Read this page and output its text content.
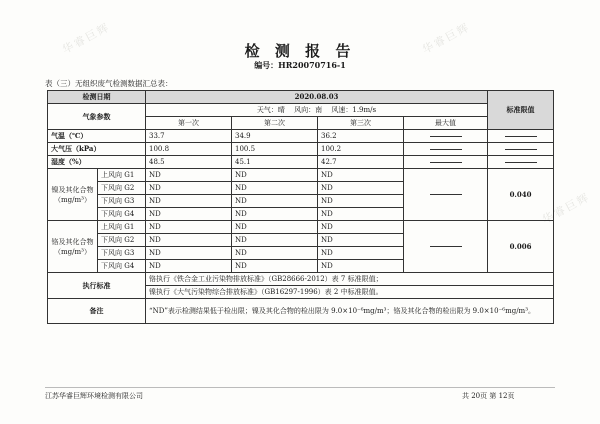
华睿巨辉	华睿巨辉
华睿巨辉
检 测 报 告
编号：HR20070716-1
表（三）无组织废气检测数据汇总表：
检测日期		2020.08.03				标准限值
气象参数		天气：晴　 风向：南　 风速：1.9m/s				
		第一次	第二次	第三次	最大值	
气温（℃）		33.7	34.9	36.2		
大气压（kPa）		100.8	100.5	100.2		
湿度（%）		48.5	45.1	42.7		
镍及其化合物（mg/m³）	上风向 G1	ND	ND	ND		0.040
	下风向 G2	ND	ND	ND		
	下风向 G3	ND	ND	ND		
	下风向 G4	ND	ND	ND		
铬及其化合物（mg/m³）	上风向 G1	ND	ND	ND		0.006
	下风向 G2	ND	ND	ND		
	下风向 G3	ND	ND	ND		
	下风向 G4	ND	ND	ND		
执行标准		铬执行《铁合金工业污染物排放标准》（GB28666-2012）表 7 标准限值；				
		镍执行《大气污染物综合排放标准》（GB16297-1996）表 2 中标准限值。				
备注		“ND”表示检测结果低于检出限；镍及其化合物的检出限为 9.0×10⁻⁶mg/m³；铬及其化合物的检出限为 9.0×10⁻⁶mg/m³。				
江苏华睿巨辉环境检测有限公司	共 20页 第 12页
